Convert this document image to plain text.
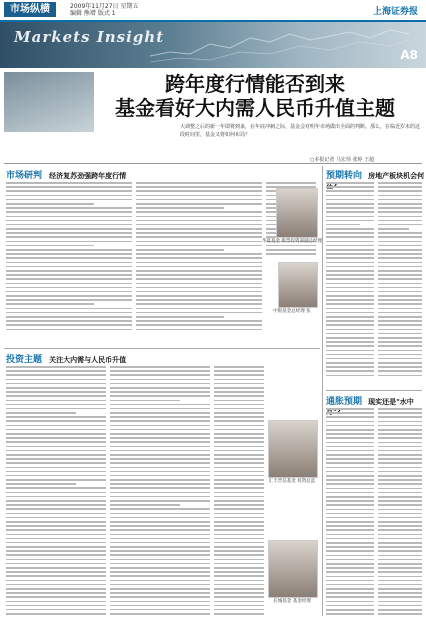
市场纵横	2009年11月27日 星期五
编辑 熊增 版式 1	上海证券报
Markets Insight
A8
跨年度行情能否到来
基金看好大内需人民币升值主题
大调整之后的新一年即将到来，在年底冲刺之际，基金会对明年市场做出全面的判断。那么，在临近岁末的这段时间里，基金又将如何布局？
○本报记者 马宏伟 张婷 王超
市场研判 经济复苏劲强跨年度行情
华夏基金 股票投资部副总经理
中银基金总经理 张
预期转向 房地产板块机会何
投资主题 关注大内需与人民币升值
汇丰晋信基金 投资总监
长城基金 基金经理
通胀预期 现实还是"水中
